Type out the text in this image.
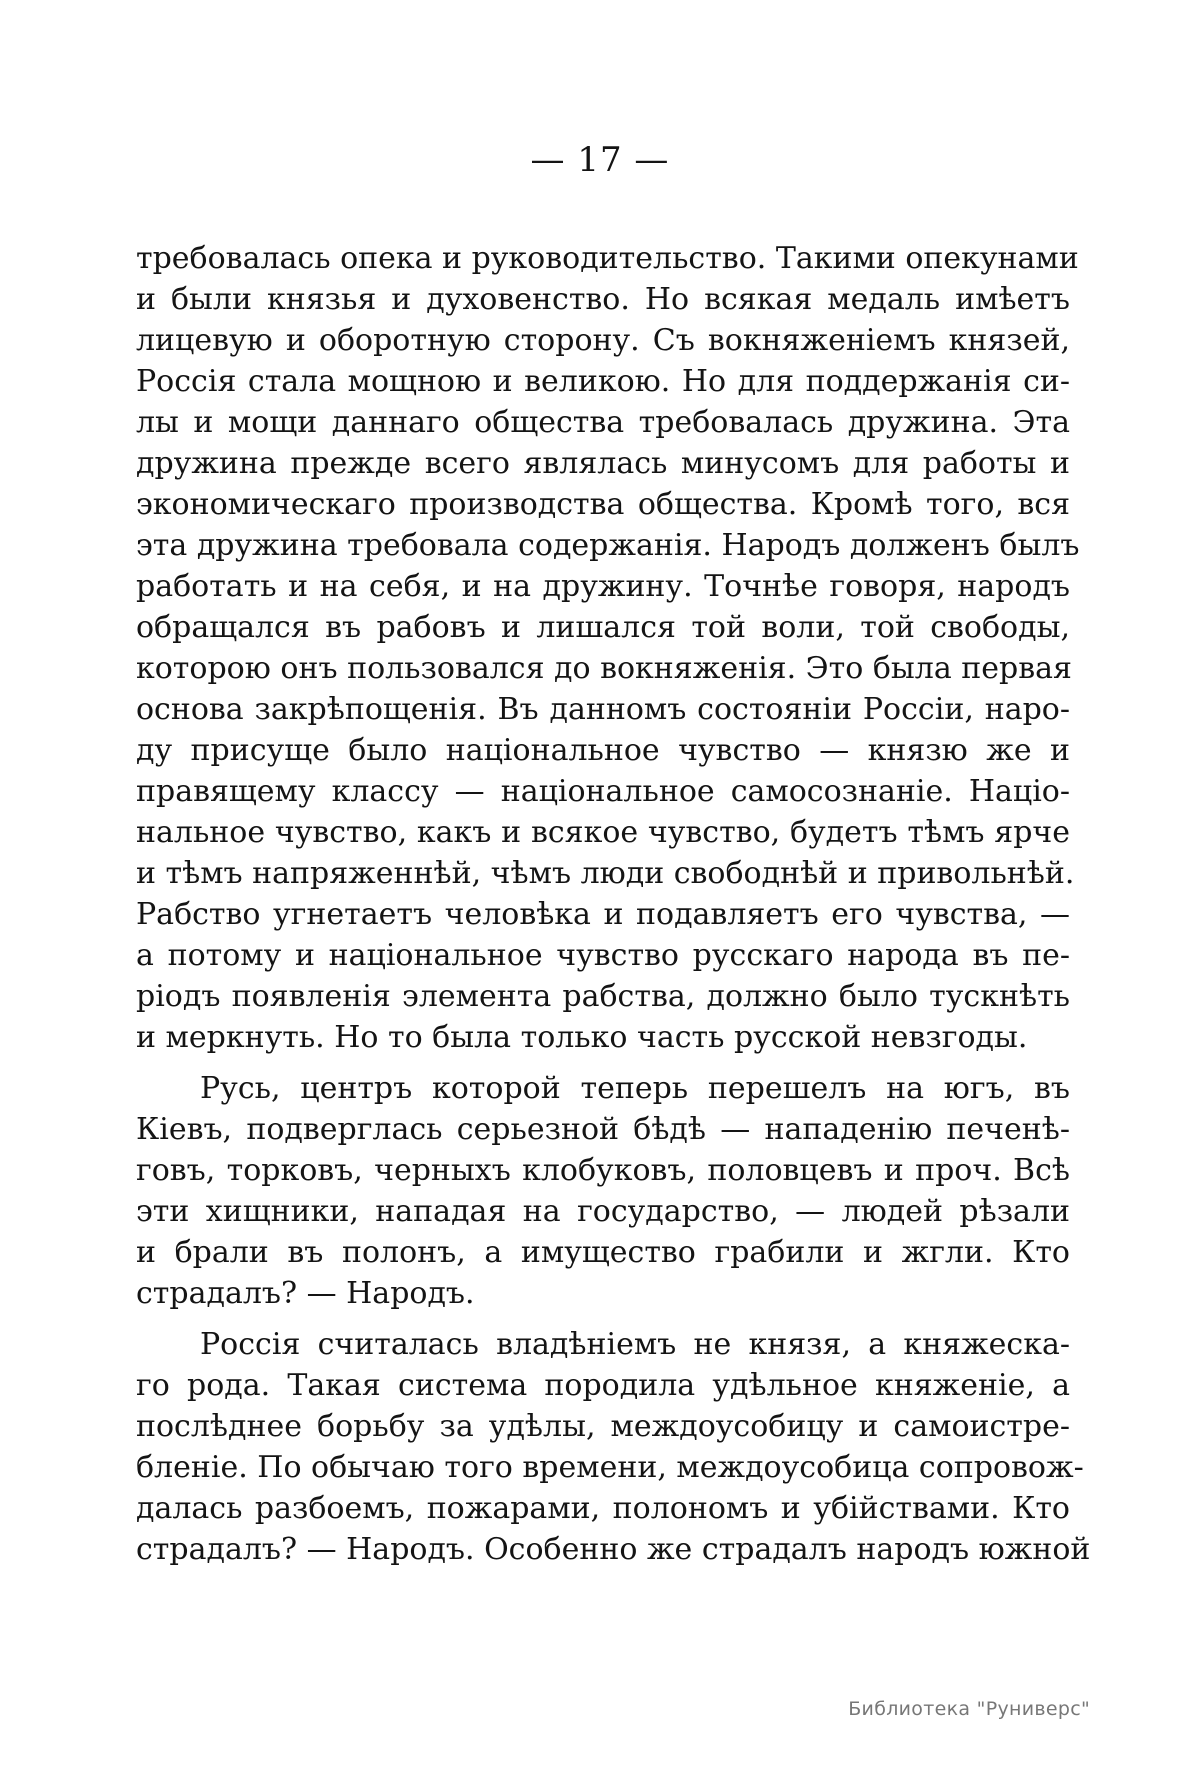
— 17 —
требовалась опека и руководительство. Такими опекунами
и были князья и духовенство. Но всякая медаль имѣетъ
лицевую и оборотную сторону. Съ вокняженіемъ князей,
Россія стала мощною и великою. Но для поддержанія си-
лы и мощи даннаго общества требовалась дружина. Эта
дружина прежде всего являлась минусомъ для работы и
экономическаго производства общества. Кромѣ того, вся
эта дружина требовала содержанія. Народъ долженъ былъ
работать и на себя, и на дружину. Точнѣе говоря, народъ
обращался въ рабовъ и лишался той воли, той свободы,
которою онъ пользовался до вокняженія. Это была первая
основа закрѣпощенія. Въ данномъ состояніи Россіи, наро-
ду присуще было національное чувство — князю же и
правящему классу — національное самосознаніе. Націо-
нальное чувство, какъ и всякое чувство, будетъ тѣмъ ярче
и тѣмъ напряженнѣй, чѣмъ люди свободнѣй и привольнѣй.
Рабство угнетаетъ человѣка и подавляетъ его чувства, —
а потому и національное чувство русскаго народа въ пе-
ріодъ появленія элемента рабства, должно было тускнѣть
и меркнуть. Но то была только часть русской невзгоды.
Русь, центръ которой теперь перешелъ на югъ, въ
Кіевъ, подверглась серьезной бѣдѣ — нападенію печенѣ-
говъ, торковъ, черныхъ клобуковъ, половцевъ и проч. Всѣ
эти хищники, нападая на государство, — людей рѣзали
и брали въ полонъ, а имущество грабили и жгли. Кто
страдалъ? — Народъ.
Россія считалась владѣніемъ не князя, а княжеска-
го рода. Такая система породила удѣльное княженіе, а
послѣднее борьбу за удѣлы, междоусобицу и самоистре-
бленіе. По обычаю того времени, междоусобица сопровож-
далась разбоемъ, пожарами, полономъ и убійствами. Кто
страдалъ? — Народъ. Особенно же страдалъ народъ южной
Библиотека "Руниверс"
